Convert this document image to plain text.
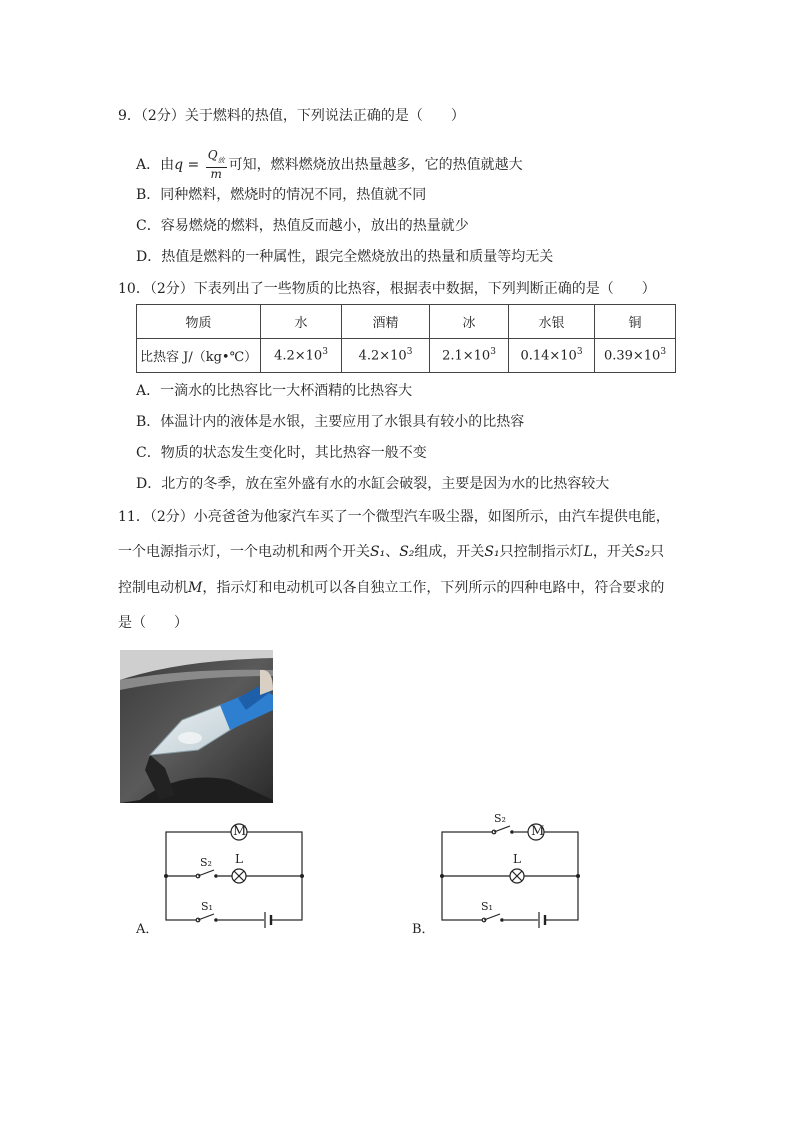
9．（2分）关于燃料的热值，下列说法正确的是（　　）
A．由$q = \frac{Q_放}{m}$ 可知，燃料燃烧放出热量越多，它的热值就越大
B．同种燃料，燃烧时的情况不同，热值就不同
C．容易燃烧的燃料，热值反而越小，放出的热量就少
D．热值是燃料的一种属性，跟完全燃烧放出的热量和质量等均无关
10．（2分）下表列出了一些物质的比热容，根据表中数据，下列判断正确的是（　　）
物质	水	酒精	冰	水银	铜
比热容 J/（kg•℃）	$4.2\times 10^3$	$4.2\times 10^3$	$2.1\times 10^3$	$0.14\times 10^3$	$0.39\times 10^3$
A．一滴水的比热容比一大杯酒精的比热容大
B．体温计内的液体是水银，主要应用了水银具有较小的比热容
C．物质的状态发生变化时，其比热容一般不变
D．北方的冬季，放在室外盛有水的水缸会破裂，主要是因为水的比热容较大
11．（2分）小亮爸爸为他家汽车买了一个微型汽车吸尘器，如图所示，由汽车提供电能，
一个电源指示灯，一个电动机和两个开关S₁、S₂组成，开关S₁只控制指示灯L，开关S₂只
控制电动机M，指示灯和电动机可以各自独立工作，下列所示的四种电路中，符合要求的
是（　　）
M
S₂ L
S₁
A．
S₂
M
L
S₁
B．
